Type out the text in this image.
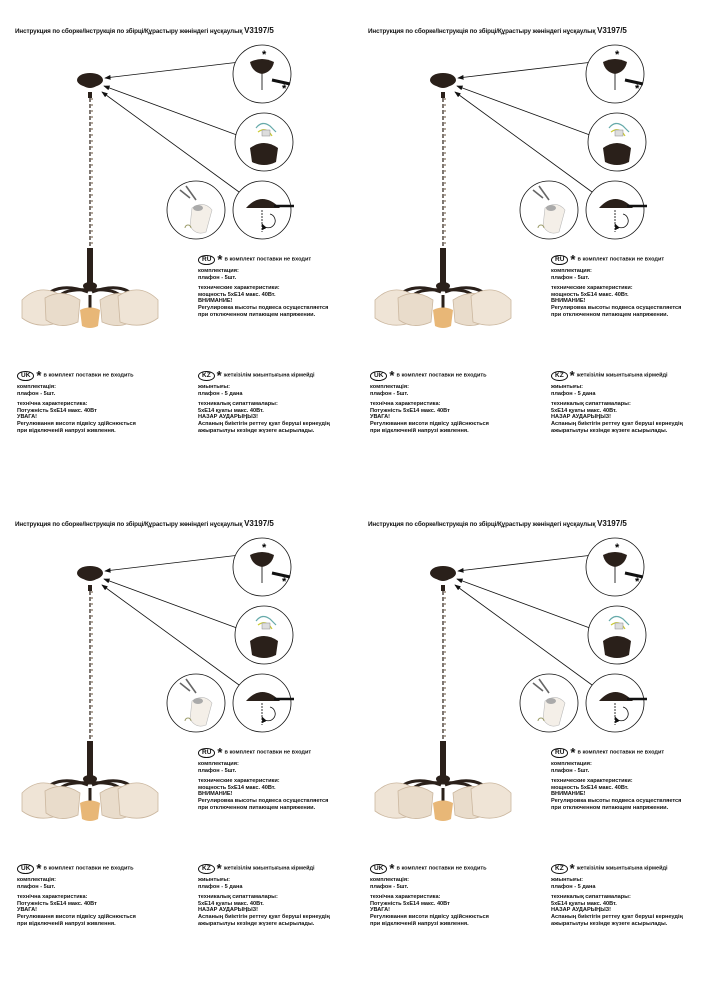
Инструкция по сборке/Інструкція по збірці/Құрастыру жөніндегі нұсқаулық V3197/5
*
*
RU * в комплект поставки не входит

комплектация:

плафон - 5шт.

технические характеристики:

мощность 5хЕ14 макс. 40Вт.

ВНИМАНИЕ!

Регулировка высоты подвеса осуществляется

при отключенном питающем напряжении.

UK * в комплект поставки не входить

комплектація:

плафон - 5шт.

технічна характеристика:

Потужність 5хЕ14 макс. 40Вт

УВАГА!

Регулювання висоти підвісу здійснюється

при відключеній напрузі живлення.

KZ * жеткізілім жиынтығына кірмейді

жиынтығы:

плафон - 5 дана

техникалық сипаттамалары:

5хЕ14 қуаты макс. 40Вт.

НАЗАР АУДАРЫҢЫЗ!

Аспаның биіктігін реттеу қуат беруші кернеудің

ажыратылуы кезінде жүзеге асырылады.

Инструкция по сборке/Інструкція по збірці/Құрастыру жөніндегі нұсқаулық V3197/5
*
*
RU * в комплект поставки не входит

комплектация:

плафон - 5шт.

технические характеристики:

мощность 5хЕ14 макс. 40Вт.

ВНИМАНИЕ!

Регулировка высоты подвеса осуществляется

при отключенном питающем напряжении.

UK * в комплект поставки не входить

комплектація:

плафон - 5шт.

технічна характеристика:

Потужність 5хЕ14 макс. 40Вт

УВАГА!

Регулювання висоти підвісу здійснюється

при відключеній напрузі живлення.

KZ * жеткізілім жиынтығына кірмейді

жиынтығы:

плафон - 5 дана

техникалық сипаттамалары:

5хЕ14 қуаты макс. 40Вт.

НАЗАР АУДАРЫҢЫЗ!

Аспаның биіктігін реттеу қуат беруші кернеудің

ажыратылуы кезінде жүзеге асырылады.

Инструкция по сборке/Інструкція по збірці/Құрастыру жөніндегі нұсқаулық V3197/5
*
*
RU * в комплект поставки не входит

комплектация:

плафон - 5шт.

технические характеристики:

мощность 5хЕ14 макс. 40Вт.

ВНИМАНИЕ!

Регулировка высоты подвеса осуществляется

при отключенном питающем напряжении.

UK * в комплект поставки не входить

комплектація:

плафон - 5шт.

технічна характеристика:

Потужність 5хЕ14 макс. 40Вт

УВАГА!

Регулювання висоти підвісу здійснюється

при відключеній напрузі живлення.

KZ * жеткізілім жиынтығына кірмейді

жиынтығы:

плафон - 5 дана

техникалық сипаттамалары:

5хЕ14 қуаты макс. 40Вт.

НАЗАР АУДАРЫҢЫЗ!

Аспаның биіктігін реттеу қуат беруші кернеудің

ажыратылуы кезінде жүзеге асырылады.

Инструкция по сборке/Інструкція по збірці/Құрастыру жөніндегі нұсқаулық V3197/5
*
*
RU * в комплект поставки не входит

комплектация:

плафон - 5шт.

технические характеристики:

мощность 5хЕ14 макс. 40Вт.

ВНИМАНИЕ!

Регулировка высоты подвеса осуществляется

при отключенном питающем напряжении.

UK * в комплект поставки не входить

комплектація:

плафон - 5шт.

технічна характеристика:

Потужність 5хЕ14 макс. 40Вт

УВАГА!

Регулювання висоти підвісу здійснюється

при відключеній напрузі живлення.

KZ * жеткізілім жиынтығына кірмейді

жиынтығы:

плафон - 5 дана

техникалық сипаттамалары:

5хЕ14 қуаты макс. 40Вт.

НАЗАР АУДАРЫҢЫЗ!

Аспаның биіктігін реттеу қуат беруші кернеудің

ажыратылуы кезінде жүзеге асырылады.
